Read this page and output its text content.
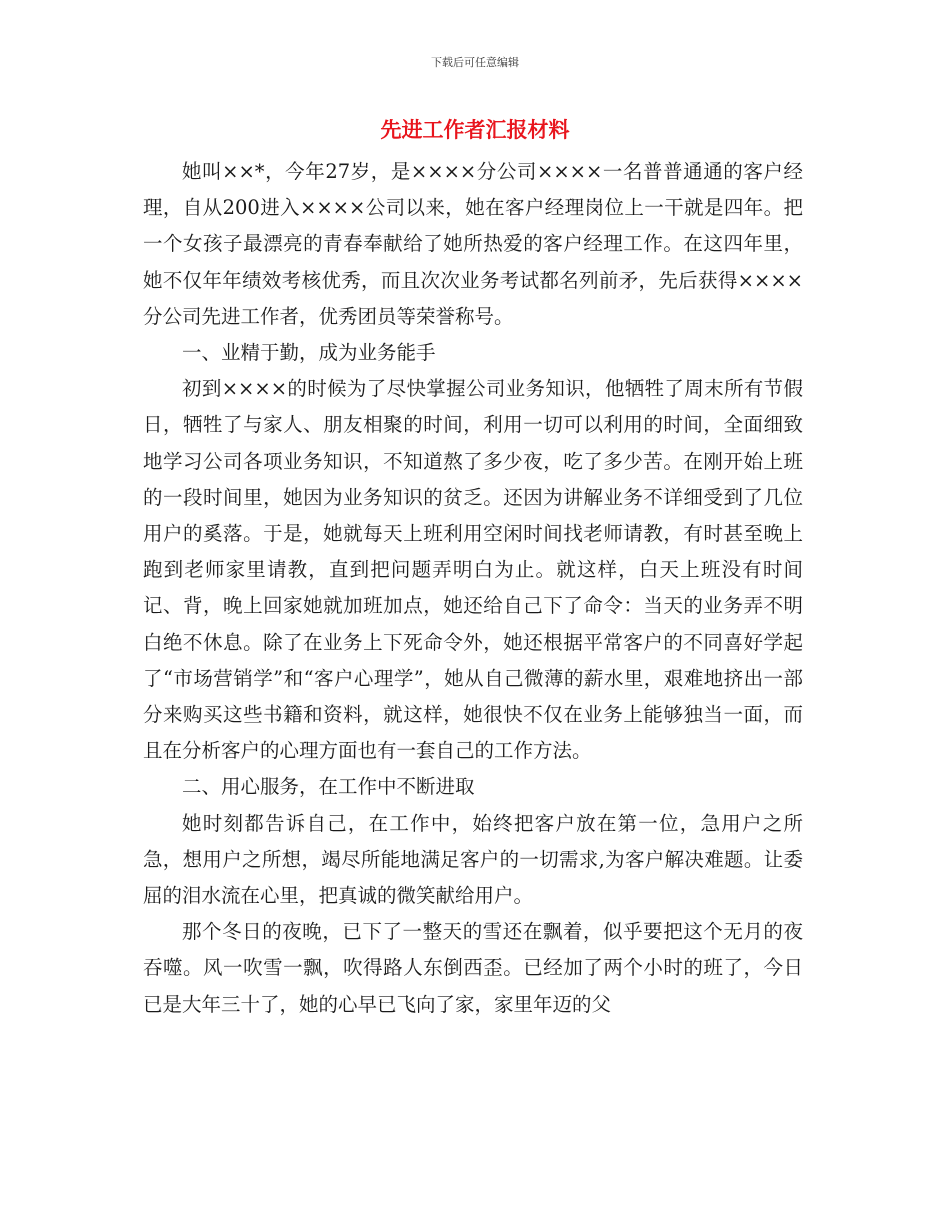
下载后可任意编辑
先进工作者汇报材料

她叫××*，今年27岁，是××××分公司××××一名普普通通的客户经理，自从200进入××××公司以来，她在客户经理岗位上一干就是四年。把一个女孩子最漂亮的青春奉献给了她所热爱的客户经理工作。在这四年里，她不仅年年绩效考核优秀，而且次次业务考试都名列前矛，先后获得××××分公司先进工作者，优秀团员等荣誉称号。

一、业精于勤，成为业务能手

初到××××的时候为了尽快掌握公司业务知识，他牺牲了周末所有节假日，牺牲了与家人、朋友相聚的时间，利用一切可以利用的时间，全面细致地学习公司各项业务知识，不知道熬了多少夜，吃了多少苦。在刚开始上班的一段时间里，她因为业务知识的贫乏。还因为讲解业务不详细受到了几位用户的奚落。于是，她就每天上班利用空闲时间找老师请教，有时甚至晚上跑到老师家里请教，直到把问题弄明白为止。就这样，白天上班没有时间记、背，晚上回家她就加班加点，她还给自己下了命令：当天的业务弄不明白绝不休息。除了在业务上下死命令外，她还根据平常客户的不同喜好学起了“市场营销学”和“客户心理学”，她从自己微薄的薪水里，艰难地挤出一部分来购买这些书籍和资料，就这样，她很快不仅在业务上能够独当一面，而且在分析客户的心理方面也有一套自己的工作方法。

二、用心服务，在工作中不断进取

她时刻都告诉自己，在工作中，始终把客户放在第一位，急用户之所急，想用户之所想，竭尽所能地满足客户的一切需求,为客户解决难题。让委屈的泪水流在心里，把真诚的微笑献给用户。

那个冬日的夜晚，已下了一整天的雪还在飘着，似乎要把这个无月的夜吞噬。风一吹雪一飘，吹得路人东倒西歪。已经加了两个小时的班了，今日已是大年三十了，她的心早已飞向了家，家里年迈的父
